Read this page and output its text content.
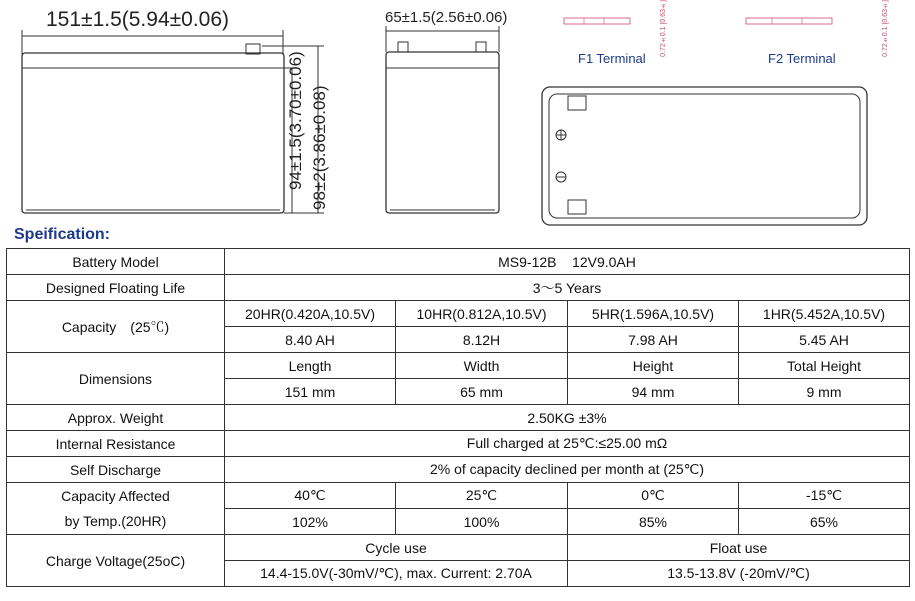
151±1.5(5.94±0.06)
94±1.5(3.70±0.06) 98±2(3.86±0.08)
65±1.5(2.56±0.06)	0.72±0.1 [0.63±]
F1 Terminal
0.72±0.1 [0.63±]
F2 Terminal
Speification:
Battery Model	MS9-12B    12V9.0AH			
Designed Floating Life	3～5 Years			
Capacity　(25℃)	20HR(0.420A,10.5V)	10HR(0.812A,10.5V)	5HR(1.596A,10.5V)	1HR(5.452A,10.5V)
	8.40 AH	8.12H	7.98 AH	5.45 AH
Dimensions	Length	Width	Height	Total Height
	151 mm	65 mm	94 mm	9 mm
Approx. Weight	2.50KG ±3%			
Internal Resistance	Full charged at 25℃:≤25.00 mΩ			
Self Discharge	2% of capacity declined per month at (25℃)			
Capacity Affected	40℃	25℃	0℃	-15℃
by Temp.(20HR)	102%	100%	85%	65%
Charge Voltage(25oC)	Cycle use		Float use	
	14.4-15.0V(-30mV/℃), max. Current: 2.70A		13.5-13.8V (-20mV/℃)	
